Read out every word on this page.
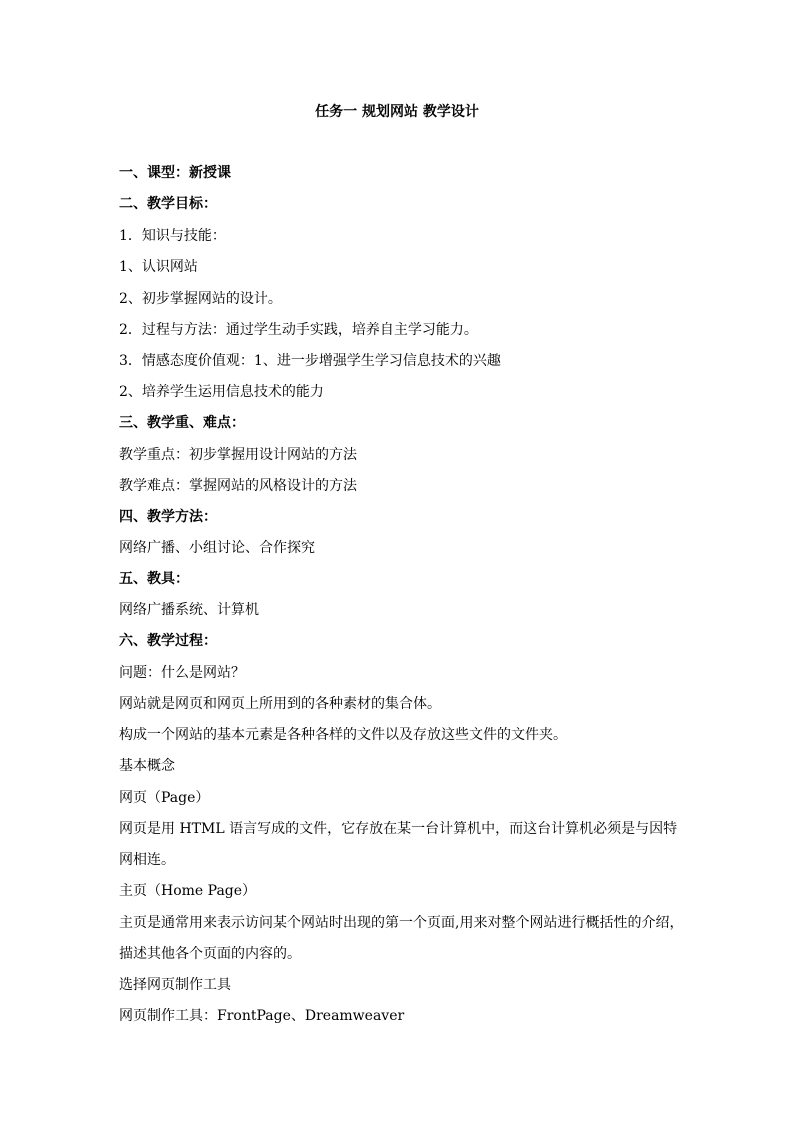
任务一 规划网站 教学设计
一、课型：新授课
二、教学目标：
1．知识与技能：
1、认识网站
2、初步掌握网站的设计。
2．过程与方法：通过学生动手实践，培养自主学习能力。
3．情感态度价值观：1、进一步增强学生学习信息技术的兴趣
2、培养学生运用信息技术的能力
三、教学重、难点：
教学重点：初步掌握用设计网站的方法
教学难点：掌握网站的风格设计的方法
四、教学方法：
网络广播、小组讨论、合作探究
五、教具：
网络广播系统、计算机
六、教学过程：
问题：什么是网站？
网站就是网页和网页上所用到的各种素材的集合体。
构成一个网站的基本元素是各种各样的文件以及存放这些文件的文件夹。
基本概念
网页（Page）
网页是用 HTML 语言写成的文件，它存放在某一台计算机中，而这台计算机必须是与因特
网相连。
主页（Home Page）
主页是通常用来表示访问某个网站时出现的第一个页面,用来对整个网站进行概括性的介绍，
描述其他各个页面的内容的。
选择网页制作工具
网页制作工具：FrontPage、Dreamweaver
